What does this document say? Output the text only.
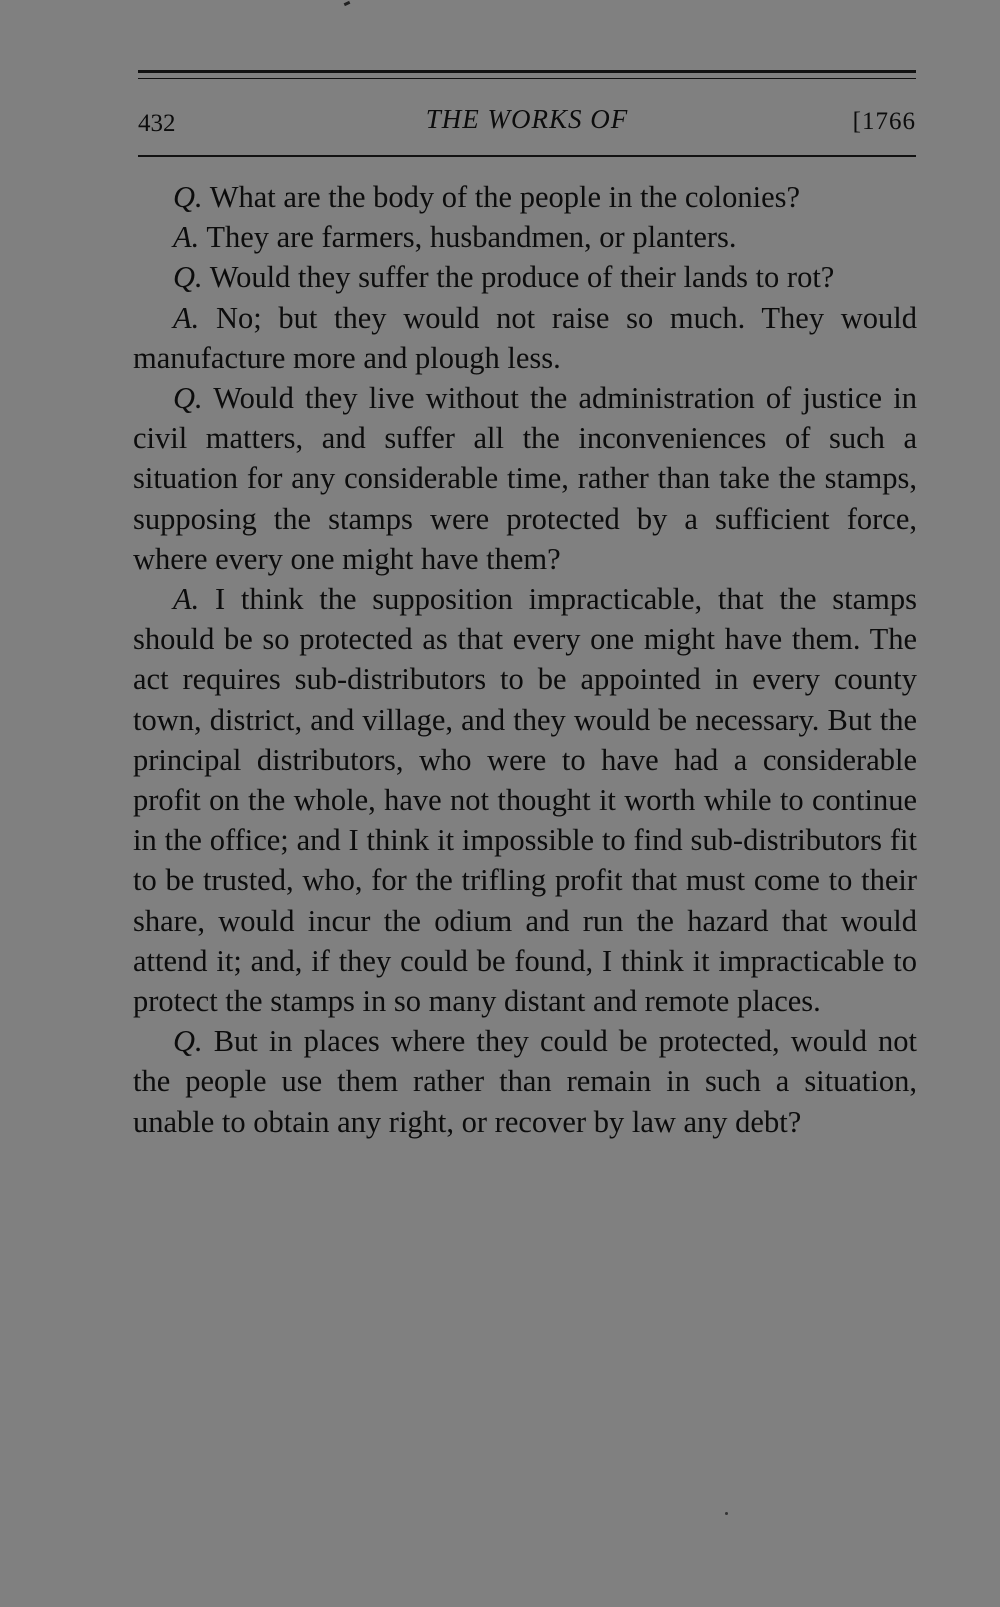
432	THE WORKS OF	[1766

Q. What are the body of the people in the colonies?

A. They are farmers, husbandmen, or planters.

Q. Would they suffer the produce of their lands to rot?

A. No; but they would not raise so much. They would manufacture more and plough less.

Q. Would they live without the administration of justice in civil matters, and suffer all the inconveniences of such a situation for any considerable time, rather than take the stamps, supposing the stamps were protected by a sufficient force, where every one might have them?

A. I think the supposition impracticable, that the stamps should be so protected as that every one might have them. The act requires sub-distributors to be appointed in every county town, district, and village, and they would be necessary. But the principal distributors, who were to have had a considerable profit on the whole, have not thought it worth while to continue in the office; and I think it impossible to find sub-distributors fit to be trusted, who, for the trifling profit that must come to their share, would incur the odium and run the hazard that would attend it; and, if they could be found, I think it impracticable to protect the stamps in so many distant and remote places.

Q. But in places where they could be protected, would not the people use them rather than remain in such a situation, unable to obtain any right, or recover by law any debt?
